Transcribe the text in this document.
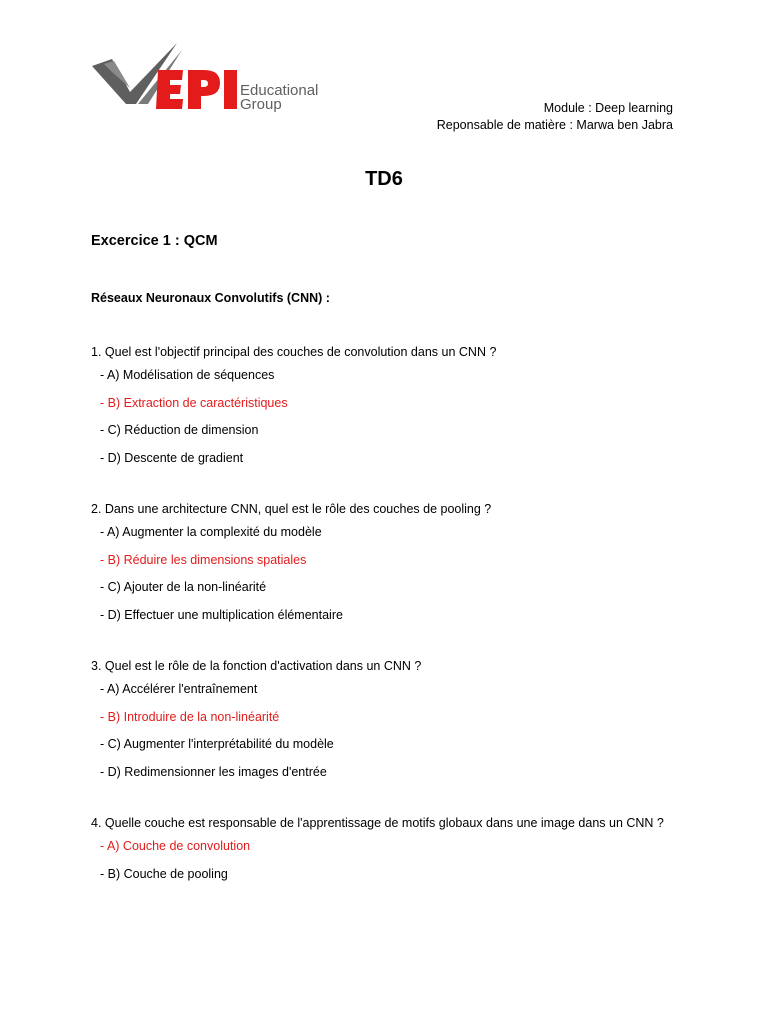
Educational
Group	Module : Deep learning
Reponsable de matière : Marwa ben Jabra
TD6
Excercice 1 : QCM
Réseaux Neuronaux Convolutifs (CNN) :
1. Quel est l'objectif principal des couches de convolution dans un CNN ?
- A) Modélisation de séquences
- B) Extraction de caractéristiques
- C) Réduction de dimension
- D) Descente de gradient
2. Dans une architecture CNN, quel est le rôle des couches de pooling ?
- A) Augmenter la complexité du modèle
- B) Réduire les dimensions spatiales
- C) Ajouter de la non-linéarité
- D) Effectuer une multiplication élémentaire
3. Quel est le rôle de la fonction d'activation dans un CNN ?
- A) Accélérer l'entraînement
- B) Introduire de la non-linéarité
- C) Augmenter l'interprétabilité du modèle
- D) Redimensionner les images d'entrée
4. Quelle couche est responsable de l'apprentissage de motifs globaux dans une image dans un CNN ?
- A) Couche de convolution
- B) Couche de pooling
